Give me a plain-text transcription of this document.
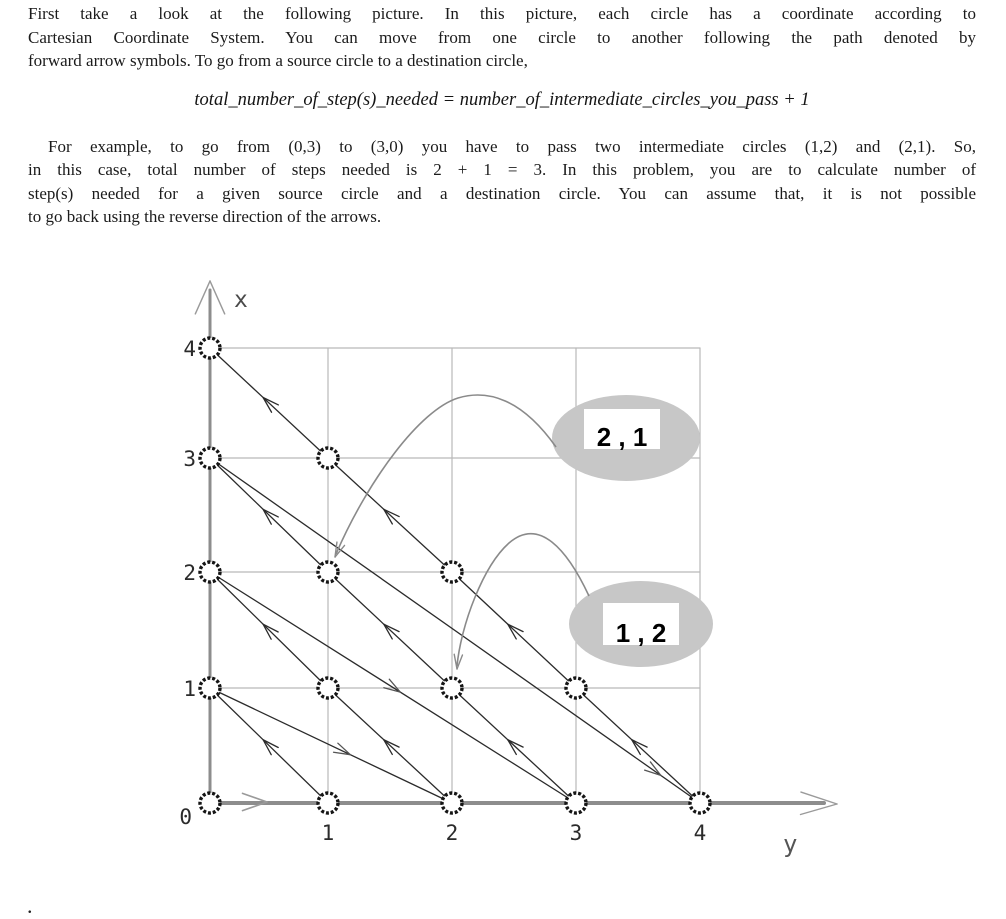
First take a look at the following picture. In this picture, each circle has a coordinate according to
Cartesian Coordinate System. You can move from one circle to another following the path denoted by
forward arrow symbols. To go from a source circle to a destination circle,
total_number_of_step(s)_needed = number_of_intermediate_circles_you_pass + 1
For example, to go from (0,3) to (3,0) you have to pass two intermediate circles (1,2) and (2,1). So,
in this case, total number of steps needed is 2 + 1 = 3. In this problem, you are to calculate number of
step(s) needed for a given source circle and a destination circle. You can assume that, it is not possible
to go back using the reverse direction of the arrows.
2 , 1
1 , 2
1
2
3
4
1	2	3	4
0
x
y
.
